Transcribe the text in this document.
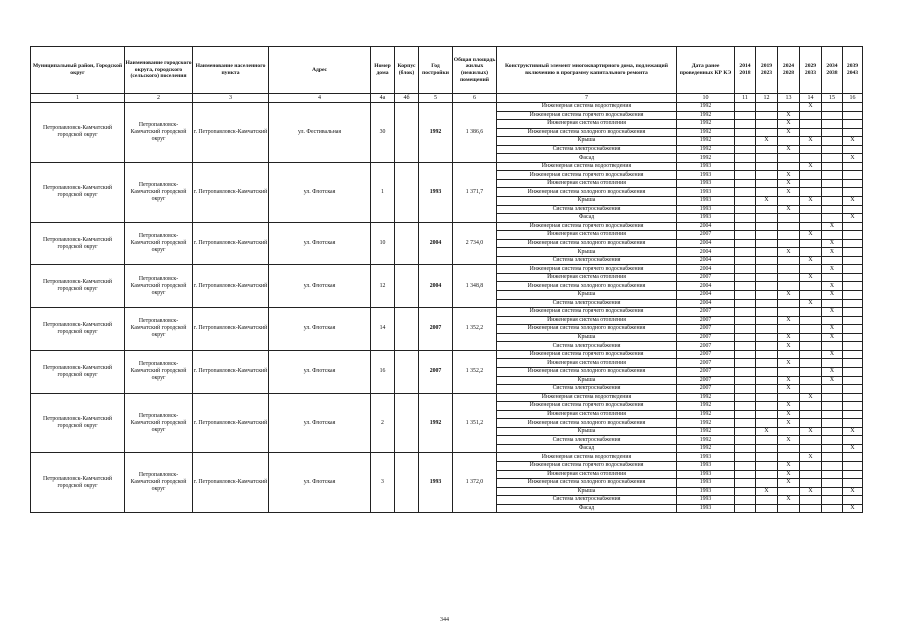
Муниципальный район, Городской округ	Наименование городского округа, городского (сельского) поселения	Наименование населенного пункта	Адрес	Номер дома	Корпус (блок)	Год постройки	Общая площадь жилых (нежилых) помещений	Конструктивный элемент многоквартирного дома, подлежащий включению в программу капитального ремонта	Дата ранее проведенных КР КЭ	2014 2018	2019 2023	2024 2028	2029 2033	2034 2038	2039 2043
1	2	3	4	4а	4б	5	6	7	10	11	12	13	14	15	16
Петропавловск-Камчатский городской округ	Петропавловск-Камчатский городской округ	г. Петропавловск-Камчатский	ул. Фестивальная	30		1992	1 386,6	Инженерная система водоотведения	1992				X		
								Инженерная система горячего водоснабжения	1992			X			
								Инженерная система отопления	1992			X			
								Инженерная система холодного водоснабжения	1992			X			
								Крыша	1992		X		X		X
								Система электроснабжения	1992			X			
								Фасад	1992						X
Петропавловск-Камчатский городской округ	Петропавловск-Камчатский городской округ	г. Петропавловск-Камчатский	ул. Флотская	1		1993	1 371,7	Инженерная система водоотведения	1993				X		
								Инженерная система горячего водоснабжения	1993			X			
								Инженерная система отопления	1993			X			
								Инженерная система холодного водоснабжения	1993			X			
								Крыша	1993		X		X		X
								Система электроснабжения	1993			X			
								Фасад	1993						X
Петропавловск-Камчатский городской округ	Петропавловск-Камчатский городской округ	г. Петропавловск-Камчатский	ул. Флотская	10		2004	2 734,0	Инженерная система горячего водоснабжения	2004					X	
								Инженерная система отопления	2007				X		
								Инженерная система холодного водоснабжения	2004					X	
								Крыша	2004			X		X	
								Система электроснабжения	2004				X		
Петропавловск-Камчатский городской округ	Петропавловск-Камчатский городской округ	г. Петропавловск-Камчатский	ул. Флотская	12		2004	1 348,8	Инженерная система горячего водоснабжения	2004					X	
								Инженерная система отопления	2007				X		
								Инженерная система холодного водоснабжения	2004					X	
								Крыша	2004			X		X	
								Система электроснабжения	2004				X		
Петропавловск-Камчатский городской округ	Петропавловск-Камчатский городской округ	г. Петропавловск-Камчатский	ул. Флотская	14		2007	1 352,2	Инженерная система горячего водоснабжения	2007					X	
								Инженерная система отопления	2007			X			
								Инженерная система холодного водоснабжения	2007					X	
								Крыша	2007			X		X	
								Система электроснабжения	2007			X			
Петропавловск-Камчатский городской округ	Петропавловск-Камчатский городской округ	г. Петропавловск-Камчатский	ул. Флотская	16		2007	1 352,2	Инженерная система горячего водоснабжения	2007					X	
								Инженерная система отопления	2007			X			
								Инженерная система холодного водоснабжения	2007					X	
								Крыша	2007			X		X	
								Система электроснабжения	2007			X			
Петропавловск-Камчатский городской округ	Петропавловск-Камчатский городской округ	г. Петропавловск-Камчатский	ул. Флотская	2		1992	1 351,2	Инженерная система водоотведения	1992				X		
								Инженерная система горячего водоснабжения	1992			X			
								Инженерная система отопления	1992			X			
								Инженерная система холодного водоснабжения	1992			X			
								Крыша	1992		X		X		X
								Система электроснабжения	1992			X			
								Фасад	1992						X
Петропавловск-Камчатский городской округ	Петропавловск-Камчатский городской округ	г. Петропавловск-Камчатский	ул. Флотская	3		1993	1 372,0	Инженерная система водоотведения	1993				X		
								Инженерная система горячего водоснабжения	1993			X			
								Инженерная система отопления	1993			X			
								Инженерная система холодного водоснабжения	1993			X			
								Крыша	1993		X		X		X
								Система электроснабжения	1993			X			
								Фасад	1993						X
344
